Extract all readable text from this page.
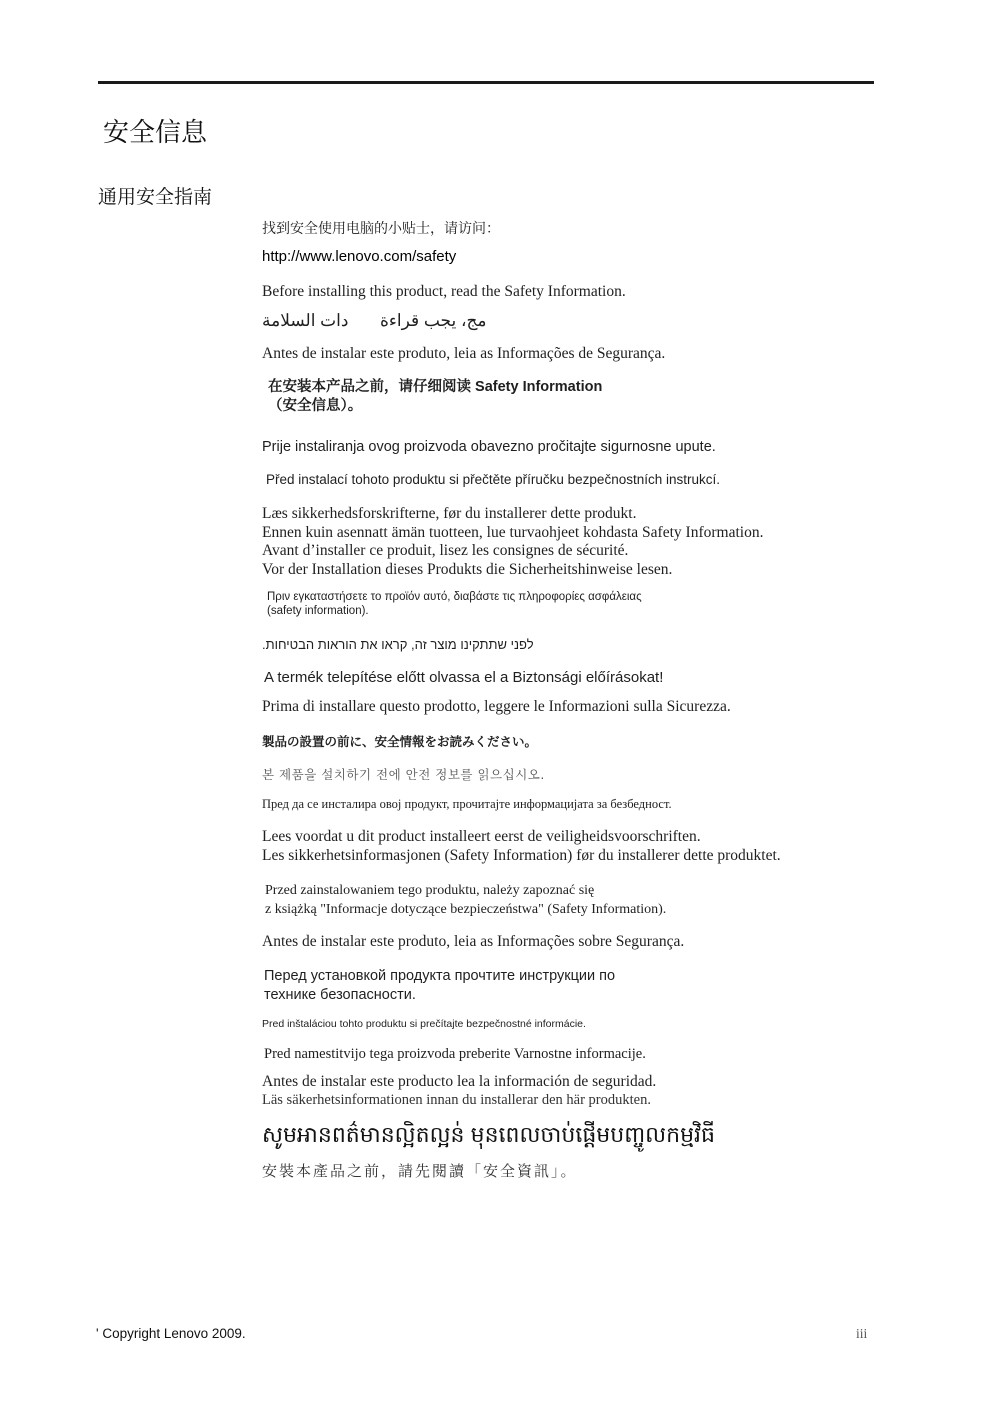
安全信息
通用安全指南
找到安全使用电脑的小贴士，请访问：
http://www.lenovo.com/safety
Before installing this product, read the Safety Information.
دات السلامة مج، يجب قراءة
Antes de instalar este produto, leia as Informações de Segurança.
在安装本产品之前，请仔细阅读 Safety Information
（安全信息）。
Prije instaliranja ovog proizvoda obavezno pročitajte sigurnosne upute.
Před instalací tohoto produktu si přečtěte příručku bezpečnostních instrukcí.
Læs sikkerhedsforskrifterne, før du installerer dette produkt.
Ennen kuin asennatt ämän tuotteen, lue turvaohjeet kohdasta Safety Information.
Avant d’installer ce produit, lisez les consignes de sécurité.
Vor der Installation dieses Produkts die Sicherheitshinweise lesen.
Πριν εγκαταστήσετε το προϊόν αυτό, διαβάστε τις πληροφορίες ασφάλειας
(safety information).
לפני שתתקינו מוצר זה, קראו את הוראות הבטיחות.
A termék telepítése előtt olvassa el a Biztonsági előírásokat!
Prima di installare questo prodotto, leggere le Informazioni sulla Sicurezza.
製品の設置の前に、安全情報をお読みください。
본 제품을 설치하기 전에 안전 정보를 읽으십시오.
Пред да се инсталира овој продукт, прочитајте информацијата за безбедност.
Lees voordat u dit product installeert eerst de veiligheidsvoorschriften.
Les sikkerhetsinformasjonen (Safety Information) før du installerer dette produktet.
Przed zainstalowaniem tego produktu, należy zapoznać się
z książką "Informacje dotyczące bezpieczeństwa" (Safety Information).
Antes de instalar este produto, leia as Informações sobre Segurança.
Перед установкой продукта прочтите инструкции по
технике безопасности.
Pred inštaláciou tohto produktu si prečítajte bezpečnostné informácie.
Pred namestitvijo tega proizvoda preberite Varnostne informacije.
Antes de instalar este producto lea la información de seguridad.
Läs säkerhetsinformationen innan du installerar den här produkten.
សូមអានពត៌មានល្អិតល្អន់ មុនពេលចាប់ផ្តើមបញ្ចូលកម្មវិធី
安裝本產品之前，請先閱讀「安全資訊」。
' Copyright Lenovo 2009.	iii
